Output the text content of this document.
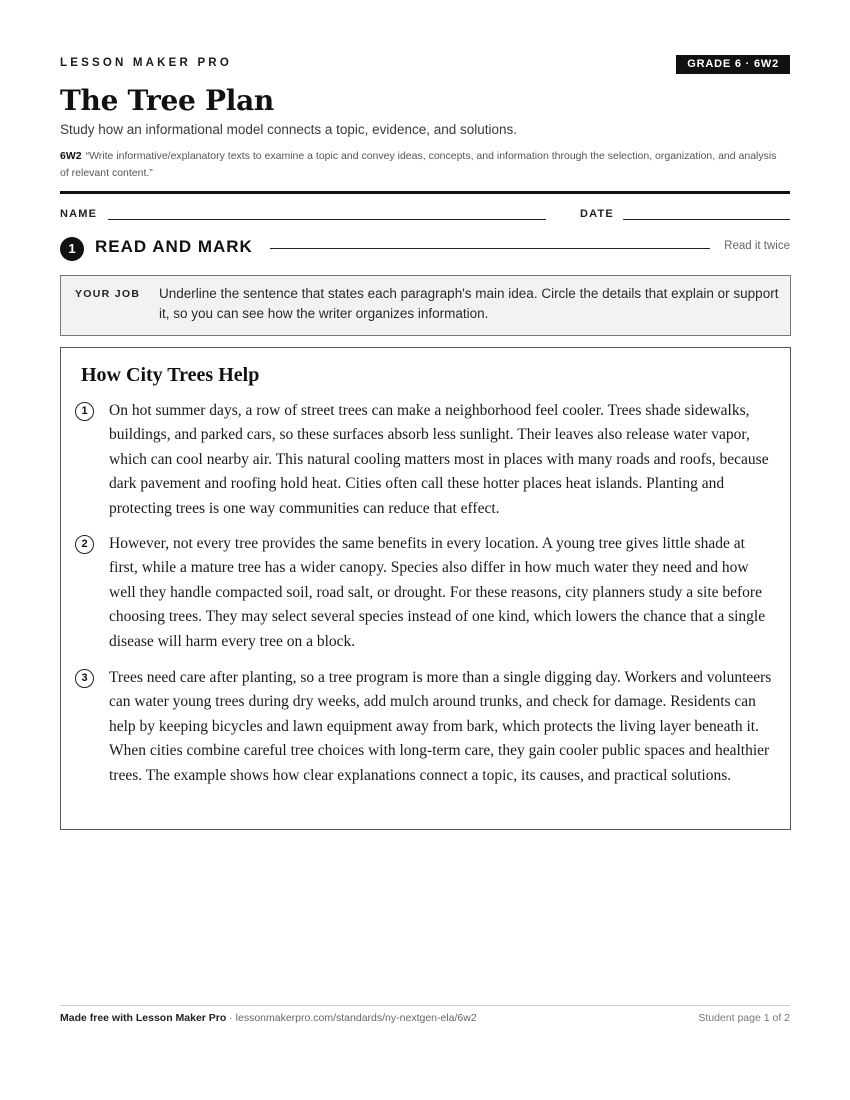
LESSON MAKER PRO	GRADE 6 · 6W2
The Tree Plan
Study how an informational model connects a topic, evidence, and solutions.
6W2 “Write informative/explanatory texts to examine a topic and convey ideas, concepts, and information through the selection, organization, and analysis of relevant content.”
NAME	DATE
1	READ AND MARK	Read it twice
YOUR JOB Underline the sentence that states each paragraph's main idea. Circle the details that explain or support it, so you can see how the writer organizes information.
How City Trees Help
1	On hot summer days, a row of street trees can make a neighborhood feel cooler. Trees shade sidewalks, buildings, and parked cars, so these surfaces absorb less sunlight. Their leaves also release water vapor, which can cool nearby air. This natural cooling matters most in places with many roads and roofs, because dark pavement and roofing hold heat. Cities often call these hotter places heat islands. Planting and protecting trees is one way communities can reduce that effect.

2	However, not every tree provides the same benefits in every location. A young tree gives little shade at first, while a mature tree has a wider canopy. Species also differ in how much water they need and how well they handle compacted soil, road salt, or drought. For these reasons, city planners study a site before choosing trees. They may select several species instead of one kind, which lowers the chance that a single disease will harm every tree on a block.

3	Trees need care after planting, so a tree program is more than a single digging day. Workers and volunteers can water young trees during dry weeks, add mulch around trunks, and check for damage. Residents can help by keeping bicycles and lawn equipment away from bark, which protects the living layer beneath it. When cities combine careful tree choices with long-term care, they gain cooler public spaces and healthier trees. The example shows how clear explanations connect a topic, its causes, and practical solutions.

Made free with Lesson Maker Pro · lessonmakerpro.com/standards/ny-nextgen-ela/6w2	Student page 1 of 2
